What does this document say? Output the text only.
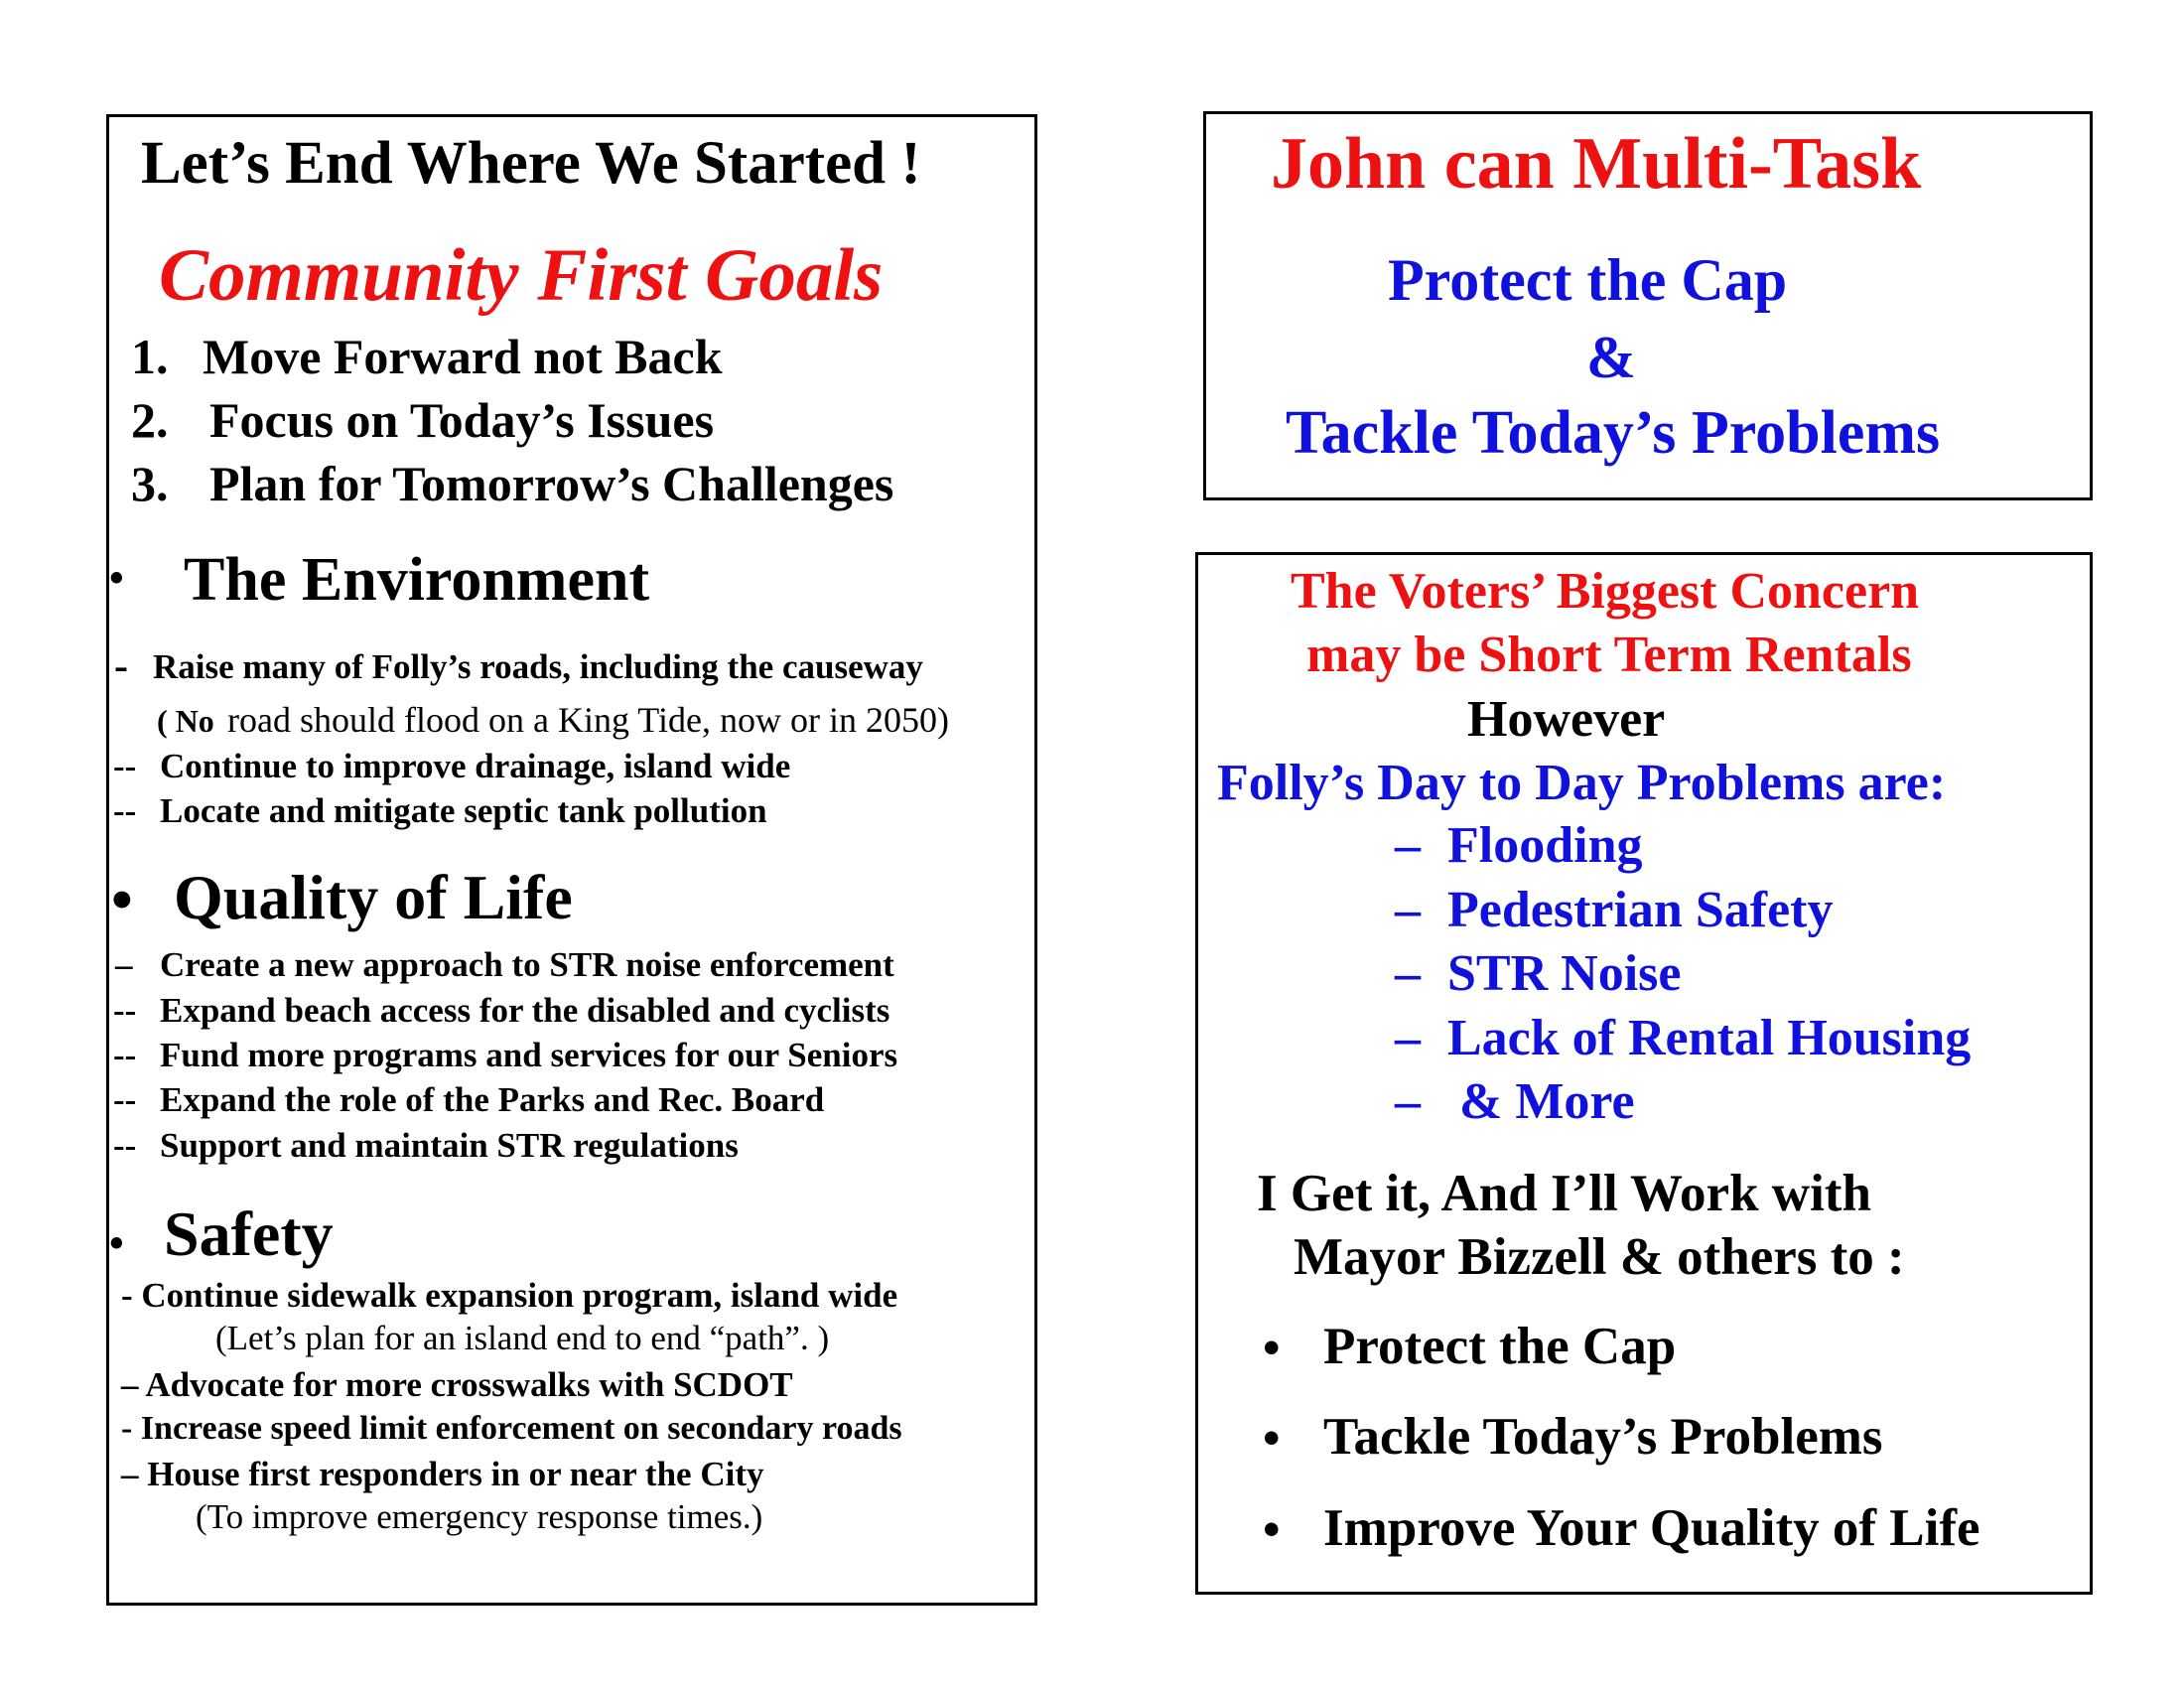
Let’s End Where We Started !
Community First Goals
1. Move Forward not Back
2. Focus on Today’s Issues
3. Plan for Tomorrow’s Challenges
• The Environment
- Raise many of Folly’s roads, including the causeway
( No road should flood on a King Tide, now or in 2050)
-- Continue to improve drainage, island wide
-- Locate and mitigate septic tank pollution
• Quality of Life
– Create a new approach to STR noise enforcement
-- Expand beach access for the disabled and cyclists
-- Fund more programs and services for our Seniors
-- Expand the role of the Parks and Rec. Board
-- Support and maintain STR regulations
• Safety
- Continue sidewalk expansion program, island wide
(Let’s plan for an island end to end “path”. )
– Advocate for more crosswalks with SCDOT
- Increase speed limit enforcement on secondary roads
– House first responders in or near the City
(To improve emergency response times.)
John can Multi-Task
Protect the Cap
&
Tackle Today’s Problems
The Voters’ Biggest Concern
may be Short Term Rentals
However
Folly’s Day to Day Problems are:
– Flooding
– Pedestrian Safety
– STR Noise
– Lack of Rental Housing
– & More
I Get it, And I’ll Work with
Mayor Bizzell & others to :
• Protect the Cap
• Tackle Today’s Problems
• Improve Your Quality of Life
